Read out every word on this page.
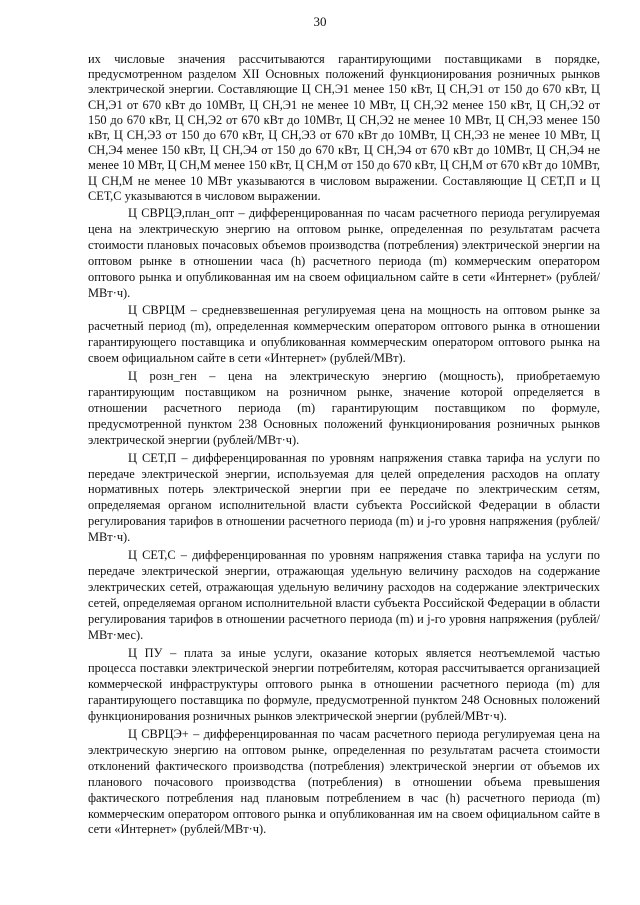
30

их числовые значения рассчитываются гарантирующими поставщиками в порядке, предусмотренном разделом XII Основных положений функционирования розничных рынков электрической энергии. Составляющие Ц СН,Э1 менее 150 кВт, Ц СН,Э1 от 150 до 670 кВт, Ц СН,Э1 от 670 кВт до 10МВт, Ц СН,Э1 не менее 10 МВт, Ц СН,Э2 менее 150 кВт, Ц СН,Э2 от 150 до 670 кВт, Ц СН,Э2 от 670 кВт до 10МВт, Ц СН,Э2 не менее 10 МВт, Ц СН,Э3 менее 150 кВт, Ц СН,Э3 от 150 до 670 кВт, Ц СН,Э3 от 670 кВт до 10МВт, Ц СН,Э3 не менее 10 МВт, Ц СН,Э4 менее 150 кВт, Ц СН,Э4 от 150 до 670 кВт, Ц СН,Э4 от 670 кВт до 10МВт, Ц СН,Э4 не менее 10 МВт, Ц СН,М менее 150 кВт, Ц СН,М от 150 до 670 кВт, Ц СН,М от 670 кВт до 10МВт, Ц СН,М не менее 10 МВт указываются в числовом выражении. Составляющие Ц СЕТ,П и Ц СЕТ,С указываются в числовом выражении.

Ц СВРЦЭ,план_опт – дифференцированная по часам расчетного периода регулируемая цена на электрическую энергию на оптовом рынке, определенная по результатам расчета стоимости плановых почасовых объемов производства (потребления) электрической энергии на оптовом рынке в отношении часа (h) расчетного периода (m) коммерческим оператором оптового рынка и опубликованная им на своем официальном сайте в сети «Интернет» (рублей/МВт·ч).

Ц СВРЦМ – средневзвешенная регулируемая цена на мощность на оптовом рынке за расчетный период (m), определенная коммерческим оператором оптового рынка в отношении гарантирующего поставщика и опубликованная коммерческим оператором оптового рынка на своем официальном сайте в сети «Интернет» (рублей/МВт).

Ц розн_ген – цена на электрическую энергию (мощность), приобретаемую гарантирующим поставщиком на розничном рынке, значение которой определяется в отношении расчетного периода (m) гарантирующим поставщиком по формуле, предусмотренной пунктом 238 Основных положений функционирования розничных рынков электрической энергии (рублей/МВт·ч).

Ц СЕТ,П – дифференцированная по уровням напряжения ставка тарифа на услуги по передаче электрической энергии, используемая для целей определения расходов на оплату нормативных потерь электрической энергии при ее передаче по электрическим сетям, определяемая органом исполнительной власти субъекта Российской Федерации в области регулирования тарифов в отношении расчетного периода (m) и j-го уровня напряжения (рублей/МВт·ч).

Ц СЕТ,С – дифференцированная по уровням напряжения ставка тарифа на услуги по передаче электрической энергии, отражающая удельную величину расходов на содержание электрических сетей, отражающая удельную величину расходов на содержание электрических сетей, определяемая органом исполнительной власти субъекта Российской Федерации в области регулирования тарифов в отношении расчетного периода (m) и j-го уровня напряжения (рублей/МВт·мес).

Ц ПУ – плата за иные услуги, оказание которых является неотъемлемой частью процесса поставки электрической энергии потребителям, которая рассчитывается организацией коммерческой инфраструктуры оптового рынка в отношении расчетного периода (m) для гарантирующего поставщика по формуле, предусмотренной пунктом 248 Основных положений функционирования розничных рынков электрической энергии (рублей/МВт·ч).

Ц СВРЦЭ+ – дифференцированная по часам расчетного периода регулируемая цена на электрическую энергию на оптовом рынке, определенная по результатам расчета стоимости отклонений фактического производства (потребления) электрической энергии от объемов их планового почасового производства (потребления) в отношении объема превышения фактического потребления над плановым потреблением в час (h) расчетного периода (m) коммерческим оператором оптового рынка и опубликованная им на своем официальном сайте в сети «Интернет» (рублей/МВт·ч).
